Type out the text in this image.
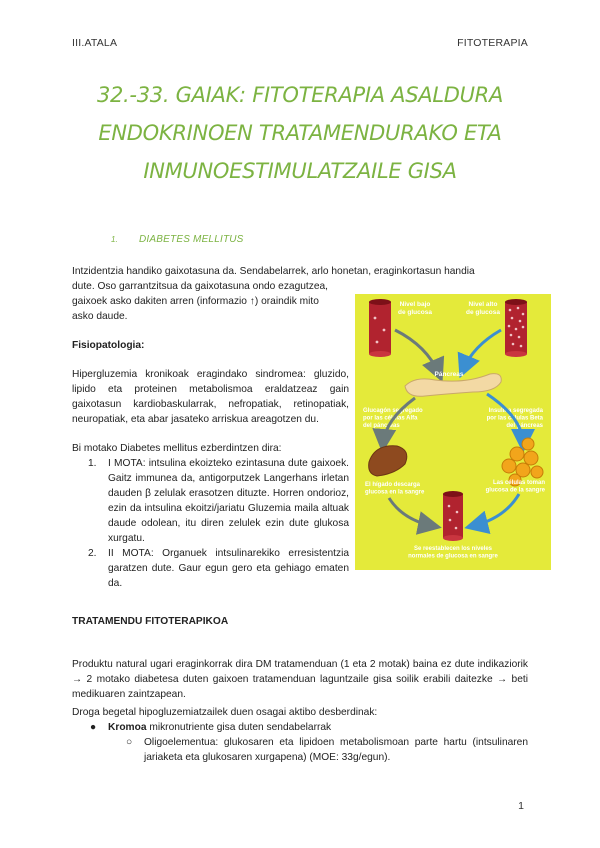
III.ATALA	FITOTERAPIA
32.-33. GAIAK: FITOTERAPIA ASALDURA
ENDOKRINOEN TRATAMENDURAKO ETA
INMUNOESTIMULATZAILE GISA
1. DIABETES MELLITUS
Intzidentzia handiko gaixotasuna da. Sendabelarrek, arlo honetan, eraginkortasun handia
dute. Oso garrantzitsua da gaixotasuna ondo ezagutzea,
gaixoek asko dakiten arren (informazio ↑) oraindik mito
asko daude.
Fisiopatologia:
Hipergluzemia kronikoak eragindako sindromea: gluzido, lipido eta proteinen metabolismoa eraldatzeaz gain gaixotasun kardiobaskularrak, nefropatiak, retinopatiak, neuropatiak, eta abar jasateko arriskua areagotzen du.
Bi motako Diabetes mellitus ezberdintzen dira:
1. I MOTA: intsulina ekoizteko ezintasuna dute gaixoek. Gaitz immunea da, antigorputzek Langerhans irletan dauden β zelulak erasotzen dituzte. Horren ondorioz, ezin da intsulina ekoitzi/jariatu Gluzemia maila altuak daude odolean, itu diren zelulek ezin dute glukosa xurgatu.
2. II MOTA: Organuek intsulinarekiko erresistentzia garatzen dute. Gaur egun gero eta gehiago ematen da.
Nivel bajo de glucosa
Nivel alto de glucosa
Páncreas
Glucagón segregado por las células Alfa del páncreas
Insulina segregada por las células Beta del páncreas
El hígado descarga glucosa en la sangre
Las células toman glucosa de la sangre
Se reestablecen los niveles normales de glucosa en sangre
TRATAMENDU FITOTERAPIKOA
Produktu natural ugari eraginkorrak dira DM tratamenduan (1 eta 2 motak) baina ez dute indikaziorik → 2 motako diabetesa duten gaixoen tratamenduan laguntzaile gisa soilik erabili daitezke → beti medikuaren zaintzapean.
Droga begetal hipogluzemiatzailek duen osagai aktibo desberdinak:
● Kromoa mikronutriente gisa duten sendabelarrak
○ Oligoelementua: glukosaren eta lipidoen metabolismoan parte hartu (intsulinaren jariaketa eta glukosaren xurgapena) (MOE: 33g/egun).
1
